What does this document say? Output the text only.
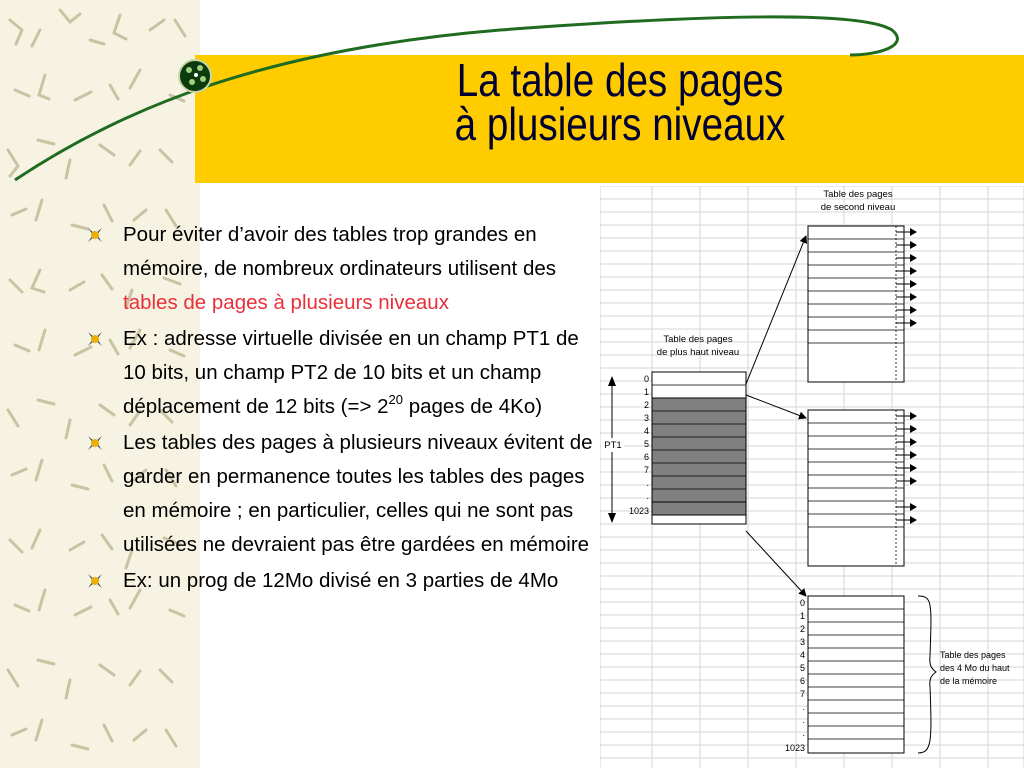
La table des pages
à plusieurs niveaux
Pour éviter d’avoir des tables trop grandes en mémoire, de nombreux ordinateurs utilisent des tables de pages à plusieurs niveaux
Ex : adresse virtuelle divisée en un champ PT1 de 10 bits, un champ PT2 de 10 bits et un champ déplacement de 12 bits (=> $2^{20}$ pages de 4Ko)
Les tables des pages à plusieurs niveaux évitent de garder en permanence toutes les tables des pages en mémoire ; en particulier, celles qui ne sont pas utilisées ne devraient pas être gardées en mémoire
Ex: un prog de 12Mo divisé en 3 parties de 4Mo
Table des pages
de second niveau
Table des pages
de plus haut niveau
PT1
0
1
2
3
4
5
6
7
.
.
1023
0
1
2
3
4
5
6
7
.
.
.
1023
Table des pages
des 4 Mo du haut
de la mémoire
